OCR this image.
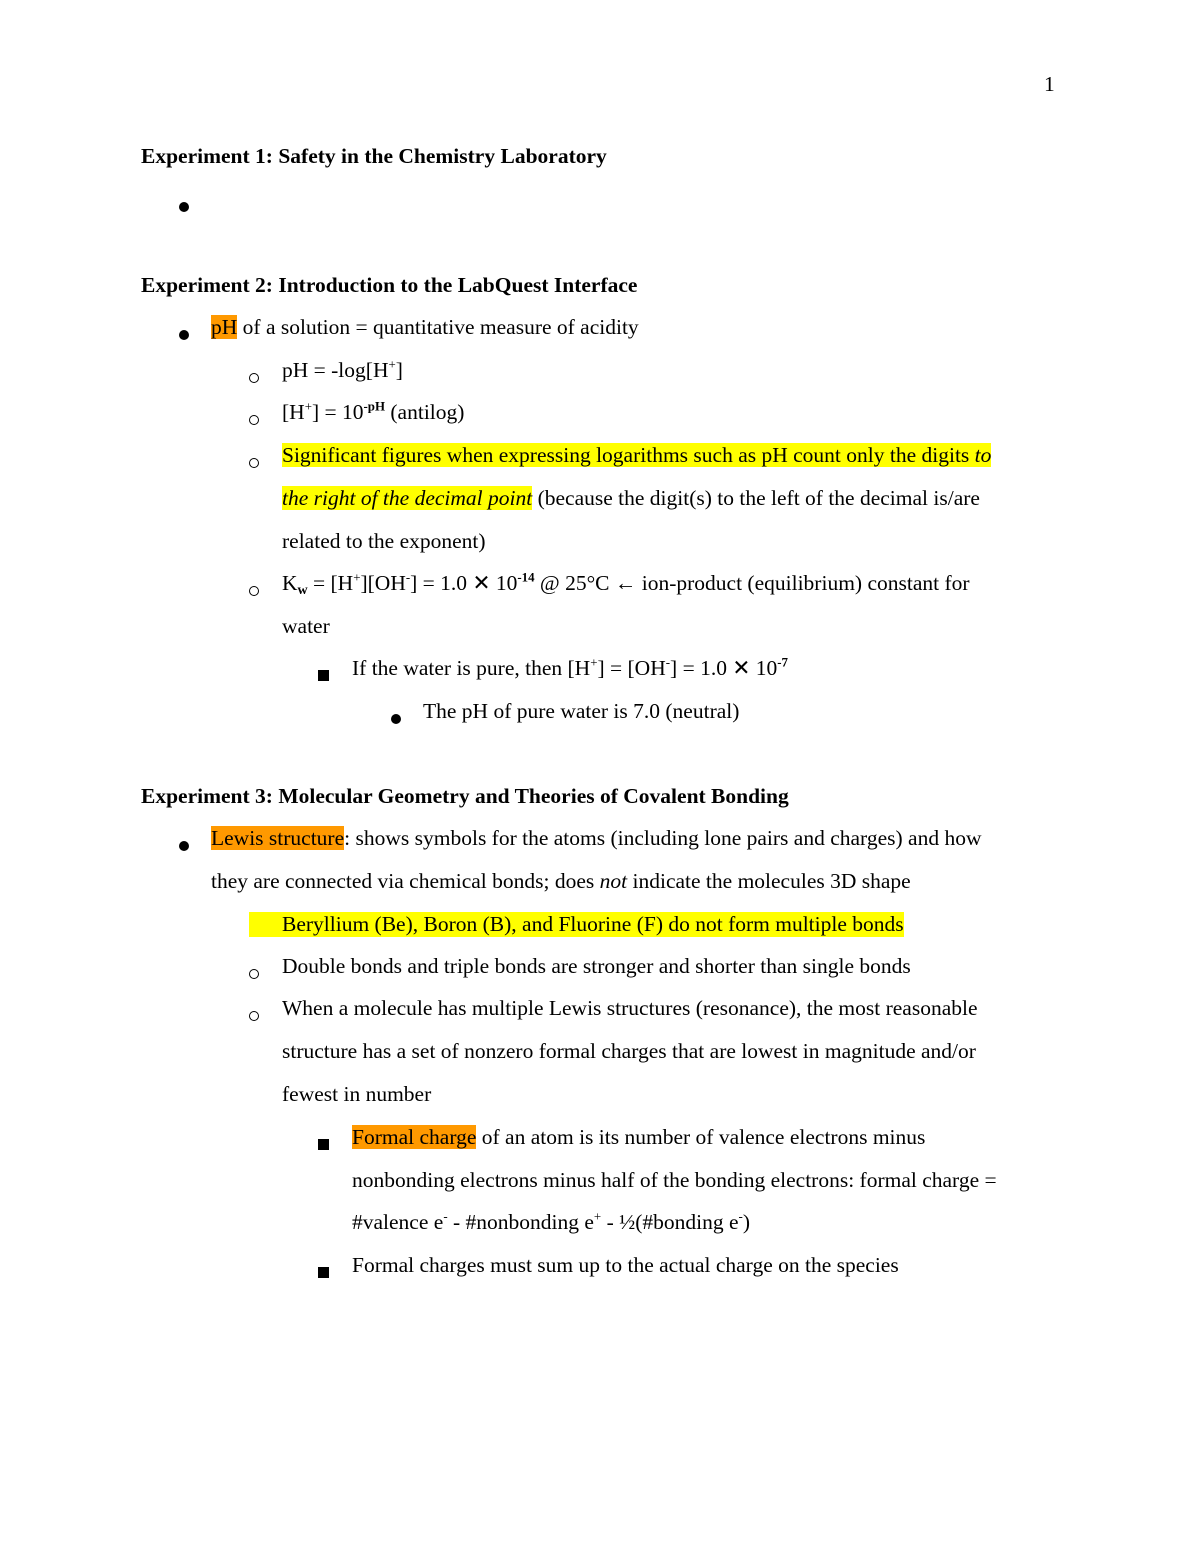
1
Experiment 1: Safety in the Chemistry Laboratory
Experiment 2: Introduction to the LabQuest Interface
pH of a solution = quantitative measure of acidity
pH = -log[H+]
$[H^+] = 10^{-pH}$ (antilog)
Significant figures when expressing logarithms such as pH count only the digits to
the right of the decimal point (because the digit(s) to the left of the decimal is/are
related to the exponent)
$K_w = [H^+][OH^-] = 1.0$ ✕ $10^{-14}$ @ 25°C ← ion-product (equilibrium) constant for
water
If the water is pure, then [H+] = [OH-] = 1.0 ✕ $10^{-7}$
The pH of pure water is 7.0 (neutral)
Experiment 3: Molecular Geometry and Theories of Covalent Bonding
Lewis structure: shows symbols for the atoms (including lone pairs and charges) and how
they are connected via chemical bonds; does not indicate the molecules 3D shape
Beryllium (Be), Boron (B), and Fluorine (F) do not form multiple bonds
Double bonds and triple bonds are stronger and shorter than single bonds
When a molecule has multiple Lewis structures (resonance), the most reasonable
structure has a set of nonzero formal charges that are lowest in magnitude and/or
fewest in number
Formal charge of an atom is its number of valence electrons minus
nonbonding electrons minus half of the bonding electrons: formal charge =
#valence e- - #nonbonding e+ - ½(#bonding e-)
Formal charges must sum up to the actual charge on the species
